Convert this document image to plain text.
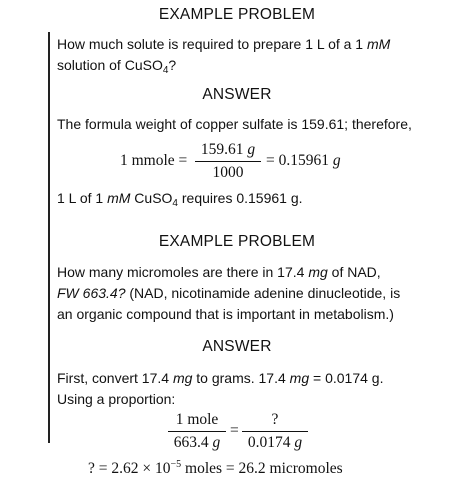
EXAMPLE PROBLEM
How much solute is required to prepare 1 L of a 1 mM
solution of CuSO$_4$?
ANSWER
The formula weight of copper sulfate is 159.61; therefore,
1 mmole =
159.61 g
1000
= 0.15961 g
1 L of 1 mM CuSO$_4$ requires 0.15961 g.
EXAMPLE PROBLEM
How many micromoles are there in 17.4 mg of NAD,
FW 663.4? (NAD, nicotinamide adenine dinucleotide, is
an organic compound that is important in metabolism.)
ANSWER
First, convert 17.4 mg to grams. 17.4 mg = 0.0174 g.
Using a proportion:
1 mole
663.4 g
=
?
0.0174 g
? = $2.62 \times 10^{-5}$ moles = 26.2 micromoles
